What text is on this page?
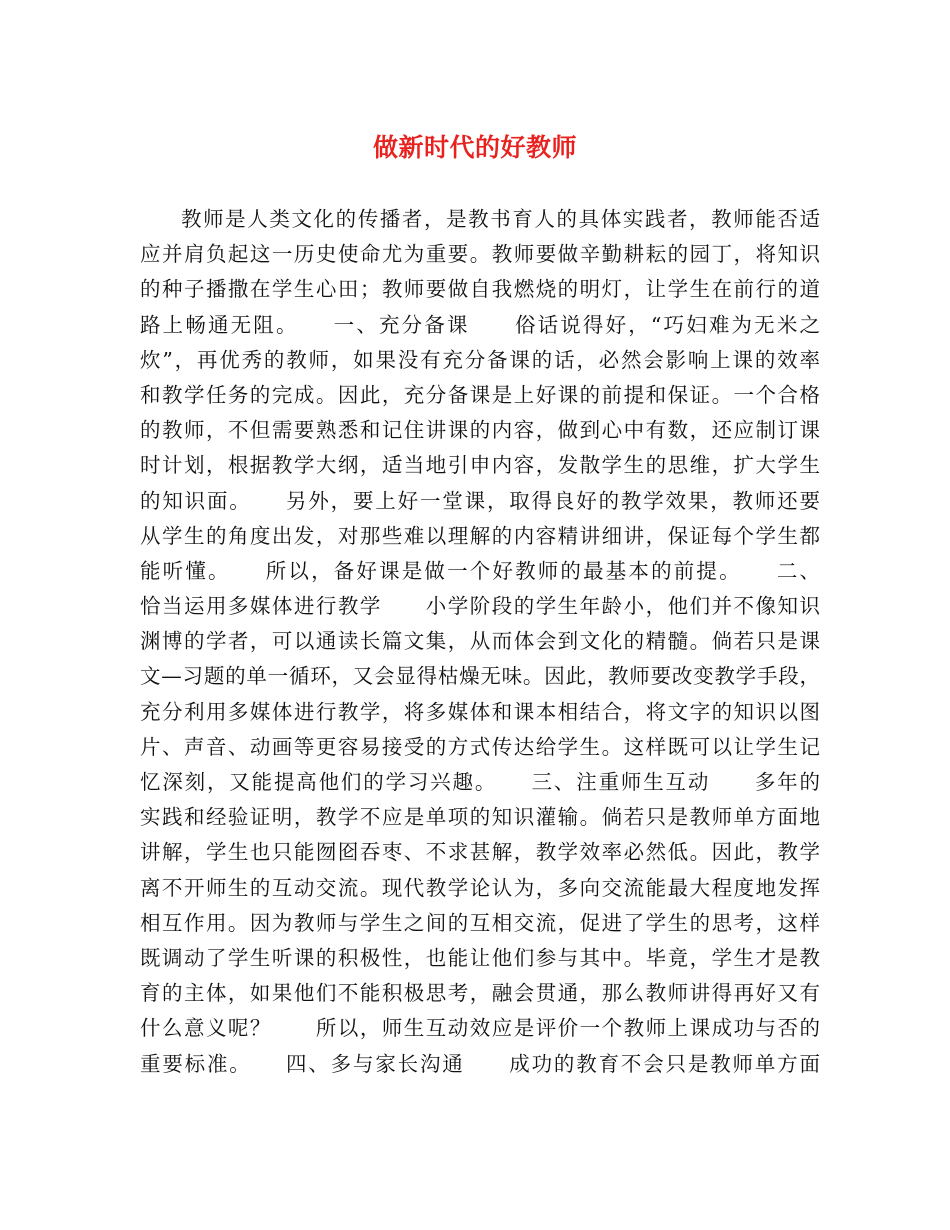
做新时代的好教师
教师是人类文化的传播者，是教书育人的具体实践者，教师能否适
应并肩负起这一历史使命尤为重要。教师要做辛勤耕耘的园丁，将知识
的种子播撒在学生心田；教师要做自我燃烧的明灯，让学生在前行的道
路上畅通无阻。　　一、充分备课　　俗话说得好，“巧妇难为无米之
炊”，再优秀的教师，如果没有充分备课的话，必然会影响上课的效率
和教学任务的完成。因此，充分备课是上好课的前提和保证。一个合格
的教师，不但需要熟悉和记住讲课的内容，做到心中有数，还应制订课
时计划，根据教学大纲，适当地引申内容，发散学生的思维，扩大学生
的知识面。　　另外，要上好一堂课，取得良好的教学效果，教师还要
从学生的角度出发，对那些难以理解的内容精讲细讲，保证每个学生都
能听懂。　　所以，备好课是做一个好教师的最基本的前提。　　二、
恰当运用多媒体进行教学　　小学阶段的学生年龄小，他们并不像知识
渊博的学者，可以通读长篇文集，从而体会到文化的精髓。倘若只是课
文—习题的单一循环，又会显得枯燥无味。因此，教师要改变教学手段，
充分利用多媒体进行教学，将多媒体和课本相结合，将文字的知识以图
片、声音、动画等更容易接受的方式传达给学生。这样既可以让学生记
忆深刻，又能提高他们的学习兴趣。　　三、注重师生互动　　多年的
实践和经验证明，教学不应是单项的知识灌输。倘若只是教师单方面地
讲解，学生也只能囫囵吞枣、不求甚解，教学效率必然低。因此，教学
离不开师生的互动交流。现代教学论认为，多向交流能最大程度地发挥
相互作用。因为教师与学生之间的互相交流，促进了学生的思考，这样
既调动了学生听课的积极性，也能让他们参与其中。毕竟，学生才是教
育的主体，如果他们不能积极思考，融会贯通，那么教师讲得再好又有
什么意义呢？　　所以，师生互动效应是评价一个教师上课成功与否的
重要标准。　　四、多与家长沟通　　成功的教育不会只是教师单方面
